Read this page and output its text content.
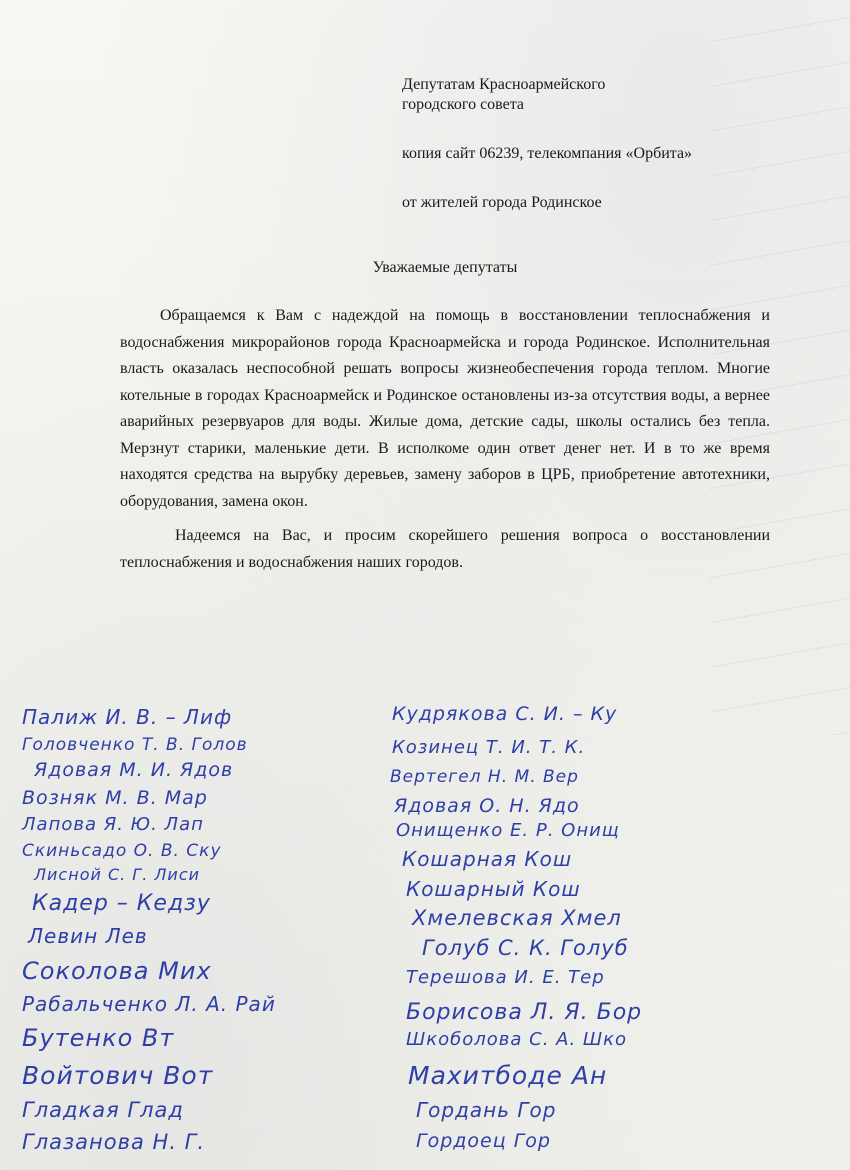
Депутатам Красноармейского
городского совета
копия сайт 06239, телекомпания «Орбита»
от жителей города Родинское
Уважаемые депутаты

Обращаемся к Вам с надеждой на помощь в восстановлении теплоснабжения и водоснабжения микрорайонов города Красноармейска и города Родинское. Исполнительная власть оказалась неспособной решать вопросы жизнеобеспечения города теплом. Многие котельные в городах Красноармейск и Родинское остановлены из-за отсутствия воды, а вернее аварийных резервуаров для воды. Жилые дома, детские сады, школы остались без тепла. Мерзнут старики, маленькие дети. В исполкоме один ответ денег нет. И в то же время находятся средства на вырубку деревьев, замену заборов в ЦРБ, приобретение автотехники, оборудования, замена окон.

Надеемся на Вас, и просим скорейшего решения вопроса о восстановлении теплоснабжения и водоснабжения наших городов.

Палиж И. В. – Лиф
Головченко Т. В. Голов
Ядовая М. И. Ядов
Возняк М. В. Мар
Лапова Я. Ю. Лап
Скиньсадо О. В. Ску
Лисной С. Г. Лиси
Кадер – Кедзу
Левин Лев
Соколова Мих
Рабальченко Л. А. Рай
Бутенко Вт
Войтович Вот
Гладкая Глад
Глазанова Н. Г.
Кудрякова С. И. – Ку
Козинец Т. И. Т. К.
Вертегел Н. М. Вер
Ядовая О. Н. Ядо
Онищенко Е. Р. Онищ
Кошарная Кош
Кошарный Кош
Хмелевская Хмел
Голуб С. К. Голуб
Терешова И. Е. Тер
Борисова Л. Я. Бор
Шкоболова С. А. Шко
Махитбоде Ан
Гордань Гор
Гордоец Гор
